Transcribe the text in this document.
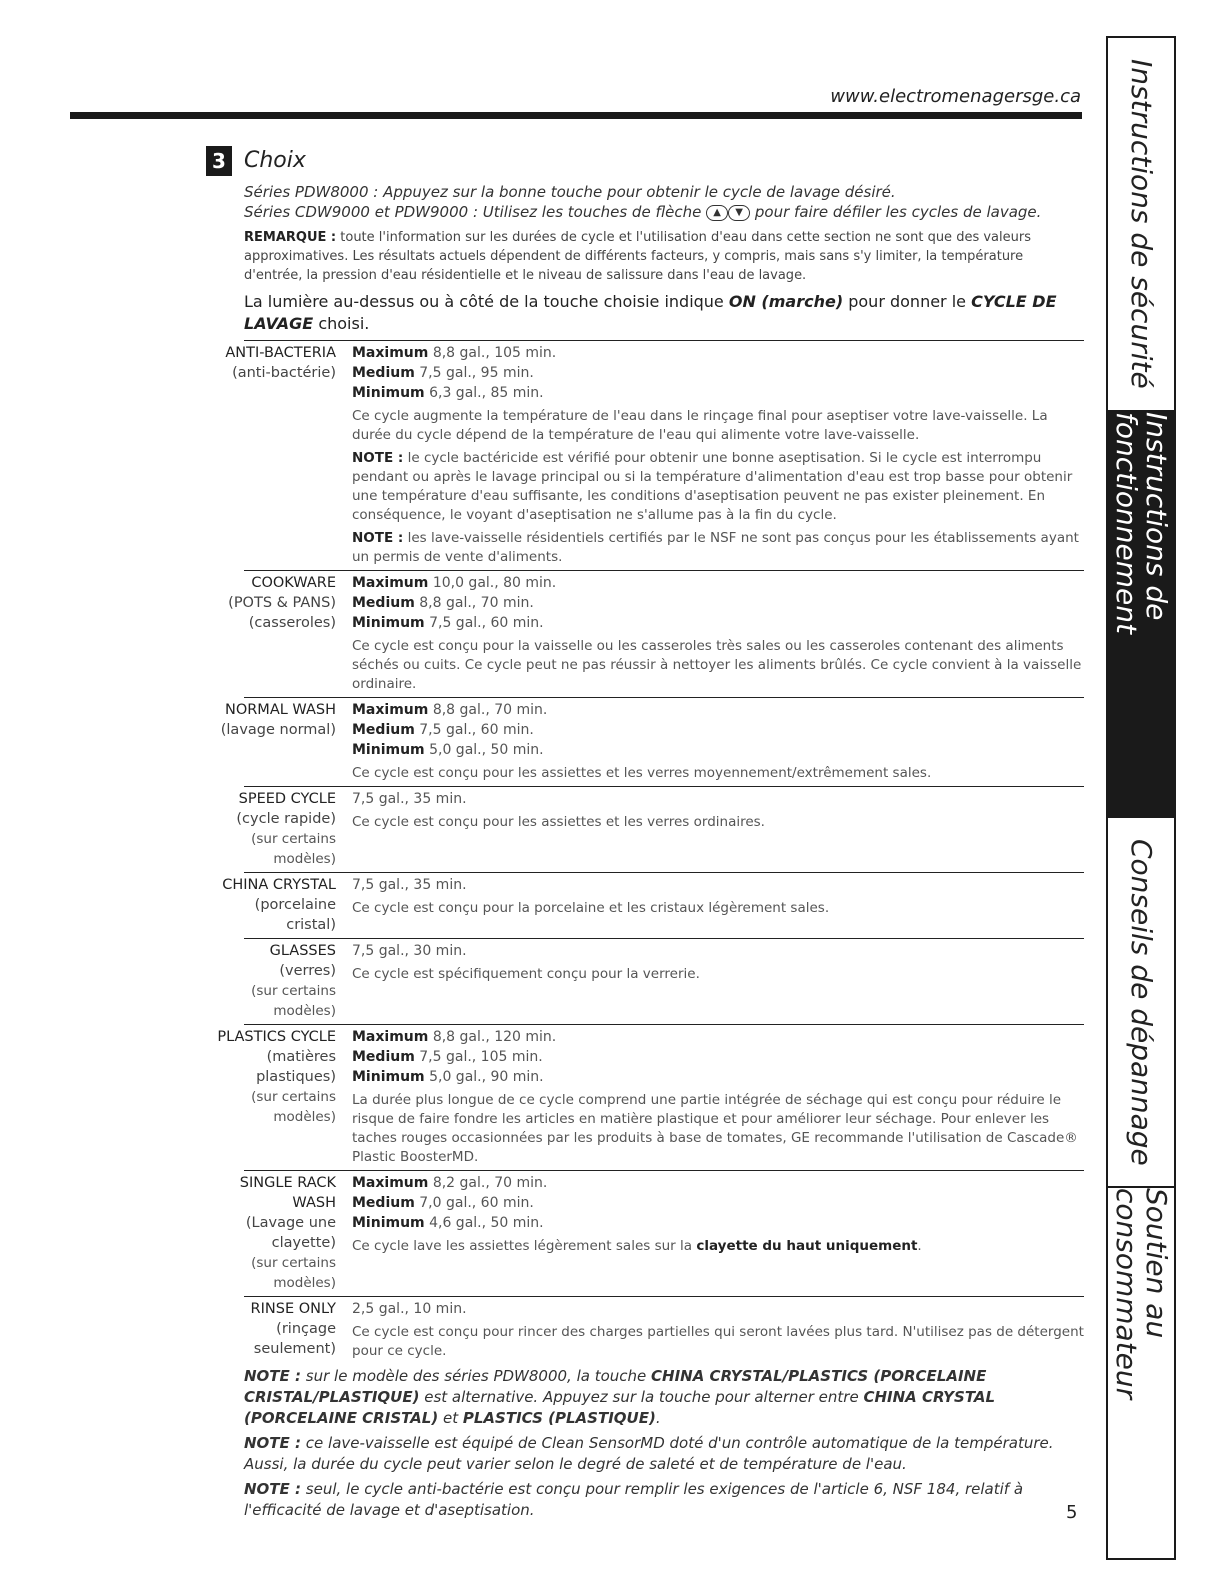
www.electromenagersge.ca
3 Choix
Séries PDW8000 : Appuyez sur la bonne touche pour obtenir le cycle de lavage désiré.
Séries CDW9000 et PDW9000 : Utilisez les touches de flèche ▲ ▼ pour faire défiler les cycles de lavage.
REMARQUE : toute l'information sur les durées de cycle et l'utilisation d'eau dans cette section ne sont que des valeurs approximatives. Les résultats actuels dépendent de différents facteurs, y compris, mais sans s'y limiter, la température d'entrée, la pression d'eau résidentielle et le niveau de salissure dans l'eau de lavage.
La lumière au-dessus ou à côté de la touche choisie indique ON (marche) pour donner le CYCLE DE LAVAGE choisi.
ANTI-BACTERIA
(anti-bactérie)
Maximum 8,8 gal., 105 min.
Medium 7,5 gal., 95 min.
Minimum 6,3 gal., 85 min.

Ce cycle augmente la température de l'eau dans le rinçage final pour aseptiser votre lave-vaisselle. La durée du cycle dépend de la température de l'eau qui alimente votre lave-vaisselle.

NOTE : le cycle bactéricide est vérifié pour obtenir une bonne aseptisation. Si le cycle est interrompu pendant ou après le lavage principal ou si la température d'alimentation d'eau est trop basse pour obtenir une température d'eau suffisante, les conditions d'aseptisation peuvent ne pas exister pleinement. En conséquence, le voyant d'aseptisation ne s'allume pas à la fin du cycle.

NOTE : les lave-vaisselle résidentiels certifiés par le NSF ne sont pas conçus pour les établissements ayant un permis de vente d'aliments.

COOKWARE
(POTS & PANS)
(casseroles)
Maximum 10,0 gal., 80 min.
Medium 8,8 gal., 70 min.
Minimum 7,5 gal., 60 min.

Ce cycle est conçu pour la vaisselle ou les casseroles très sales ou les casseroles contenant des aliments séchés ou cuits. Ce cycle peut ne pas réussir à nettoyer les aliments brûlés. Ce cycle convient à la vaisselle ordinaire.

NORMAL WASH
(lavage normal)
Maximum 8,8 gal., 70 min.
Medium 7,5 gal., 60 min.
Minimum 5,0 gal., 50 min.

Ce cycle est conçu pour les assiettes et les verres moyennement/extrêmement sales.

SPEED CYCLE
(cycle rapide)
(sur certains modèles)
7,5 gal., 35 min.

Ce cycle est conçu pour les assiettes et les verres ordinaires.

CHINA CRYSTAL
(porcelaine cristal)
7,5 gal., 35 min.

Ce cycle est conçu pour la porcelaine et les cristaux légèrement sales.

GLASSES
(verres)
(sur certains modèles)
7,5 gal., 30 min.

Ce cycle est spécifiquement conçu pour la verrerie.

PLASTICS CYCLE
(matières plastiques)
(sur certains modèles)
Maximum 8,8 gal., 120 min.
Medium 7,5 gal., 105 min.
Minimum 5,0 gal., 90 min.

La durée plus longue de ce cycle comprend une partie intégrée de séchage qui est conçu pour réduire le risque de faire fondre les articles en matière plastique et pour améliorer leur séchage. Pour enlever les taches rouges occasionnées par les produits à base de tomates, GE recommande l'utilisation de Cascade® Plastic BoosterMD.

SINGLE RACK WASH
(Lavage une clayette)
(sur certains modèles)
Maximum 8,2 gal., 70 min.
Medium 7,0 gal., 60 min.
Minimum 4,6 gal., 50 min.

Ce cycle lave les assiettes légèrement sales sur la clayette du haut uniquement.

RINSE ONLY
(rinçage seulement)
2,5 gal., 10 min.

Ce cycle est conçu pour rincer des charges partielles qui seront lavées plus tard. N'utilisez pas de détergent pour ce cycle.

NOTE : sur le modèle des séries PDW8000, la touche CHINA CRYSTAL/PLASTICS (PORCELAINE CRISTAL/PLASTIQUE) est alternative. Appuyez sur la touche pour alterner entre CHINA CRYSTAL (PORCELAINE CRISTAL) et PLASTICS (PLASTIQUE).

NOTE : ce lave-vaisselle est équipé de Clean SensorMD doté d'un contrôle automatique de la température. Aussi, la durée du cycle peut varier selon le degré de saleté et de température de l'eau.

NOTE : seul, le cycle anti-bactérie est conçu pour remplir les exigences de l'article 6, NSF 184, relatif à l'efficacité de lavage et d'aseptisation.	5
Instructions de sécurité
Instructions de fonctionnement
Conseils de dépannage
Soutien au consommateur
